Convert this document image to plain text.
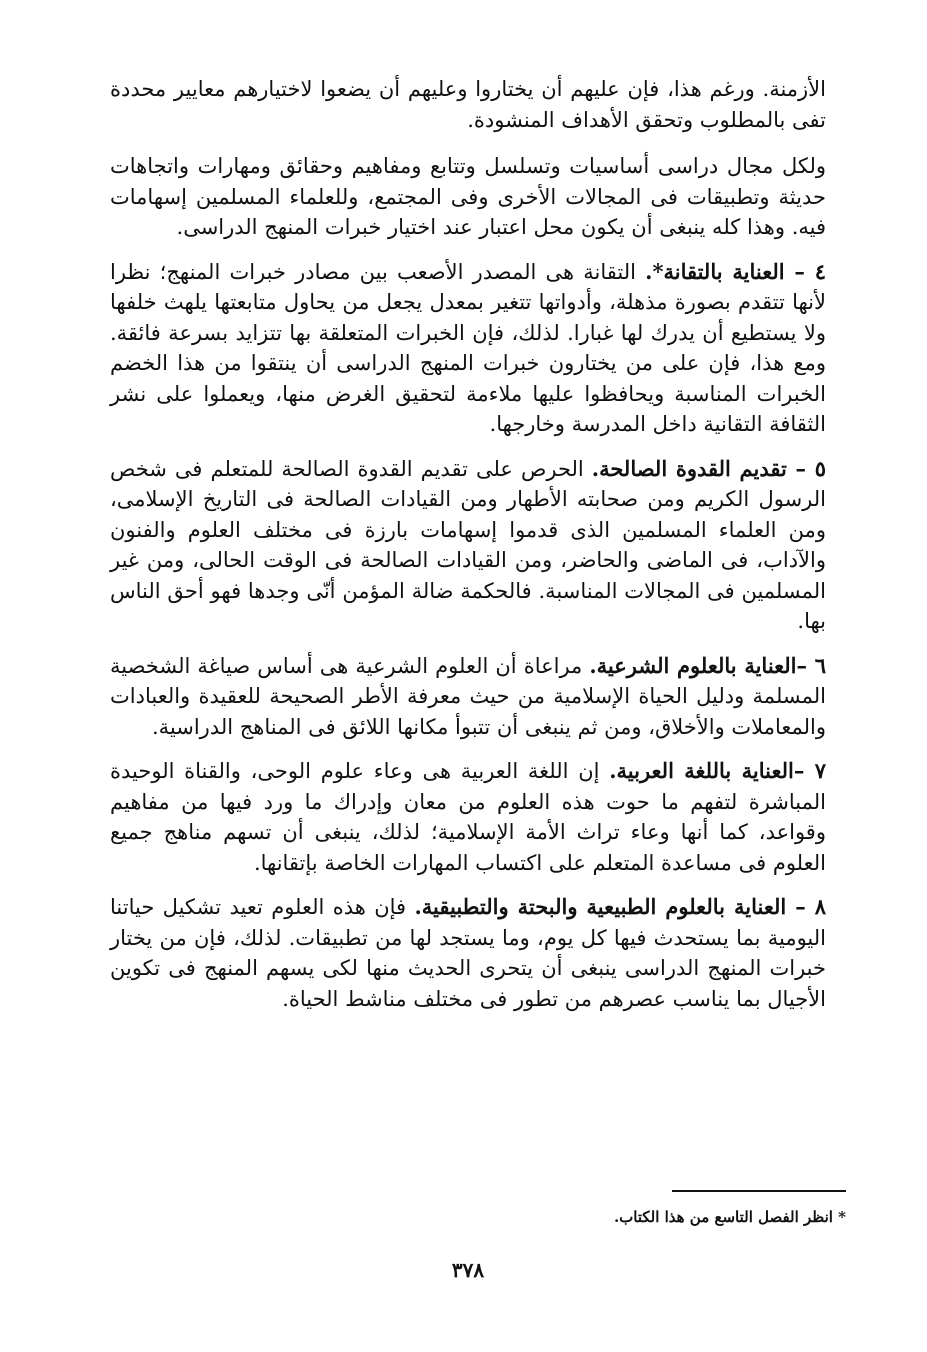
الأزمنة. ورغم هذا، فإن عليهم أن يختاروا وعليهم أن يضعوا لاختيارهم معايير محددة تفى بالمطلوب وتحقق الأهداف المنشودة.

ولكل مجال دراسى أساسيات وتسلسل وتتابع ومفاهيم وحقائق ومهارات واتجاهات حديثة وتطبيقات فى المجالات الأخرى وفى المجتمع، وللعلماء المسلمين إسهامات فيه. وهذا كله ينبغى أن يكون محل اعتبار عند اختيار خبرات المنهج الدراسى.

٤ – العناية بالتقانة*. التقانة هى المصدر الأصعب بين مصادر خبرات المنهج؛ نظرا لأنها تتقدم بصورة مذهلة، وأدواتها تتغير بمعدل يجعل من يحاول متابعتها يلهث خلفها ولا يستطيع أن يدرك لها غبارا. لذلك، فإن الخبرات المتعلقة بها تتزايد بسرعة فائقة. ومع هذا، فإن على من يختارون خبرات المنهج الدراسى أن ينتقوا من هذا الخضم الخبرات المناسبة ويحافظوا عليها ملاءمة لتحقيق الغرض منها، ويعملوا على نشر الثقافة التقانية داخل المدرسة وخارجها.

٥ – تقديم القدوة الصالحة. الحرص على تقديم القدوة الصالحة للمتعلم فى شخص الرسول الكريم ومن صحابته الأطهار ومن القيادات الصالحة فى التاريخ الإسلامى، ومن العلماء المسلمين الذى قدموا إسهامات بارزة فى مختلف العلوم والفنون والآداب، فى الماضى والحاضر، ومن القيادات الصالحة فى الوقت الحالى، ومن غير المسلمين فى المجالات المناسبة. فالحكمة ضالة المؤمن أنّى وجدها فهو أحق الناس بها.

٦ –العناية بالعلوم الشرعية. مراعاة أن العلوم الشرعية هى أساس صياغة الشخصية المسلمة ودليل الحياة الإسلامية من حيث معرفة الأطر الصحيحة للعقيدة والعبادات والمعاملات والأخلاق، ومن ثم ينبغى أن تتبوأ مكانها اللائق فى المناهج الدراسية.

٧ –العناية باللغة العربية. إن اللغة العربية هى وعاء علوم الوحى، والقناة الوحيدة المباشرة لتفهم ما حوت هذه العلوم من معان وإدراك ما ورد فيها من مفاهيم وقواعد، كما أنها وعاء تراث الأمة الإسلامية؛ لذلك، ينبغى أن تسهم مناهج جميع العلوم فى مساعدة المتعلم على اكتساب المهارات الخاصة بإتقانها.

٨ – العناية بالعلوم الطبيعية والبحتة والتطبيقية. فإن هذه العلوم تعيد تشكيل حياتنا اليومية بما يستحدث فيها كل يوم، وما يستجد لها من تطبيقات. لذلك، فإن من يختار خبرات المنهج الدراسى ينبغى أن يتحرى الحديث منها لكى يسهم المنهج فى تكوين الأجيال بما يناسب عصرهم من تطور فى مختلف مناشط الحياة.

* انظر الفصل التاسع من هذا الكتاب.
٣٧٨
